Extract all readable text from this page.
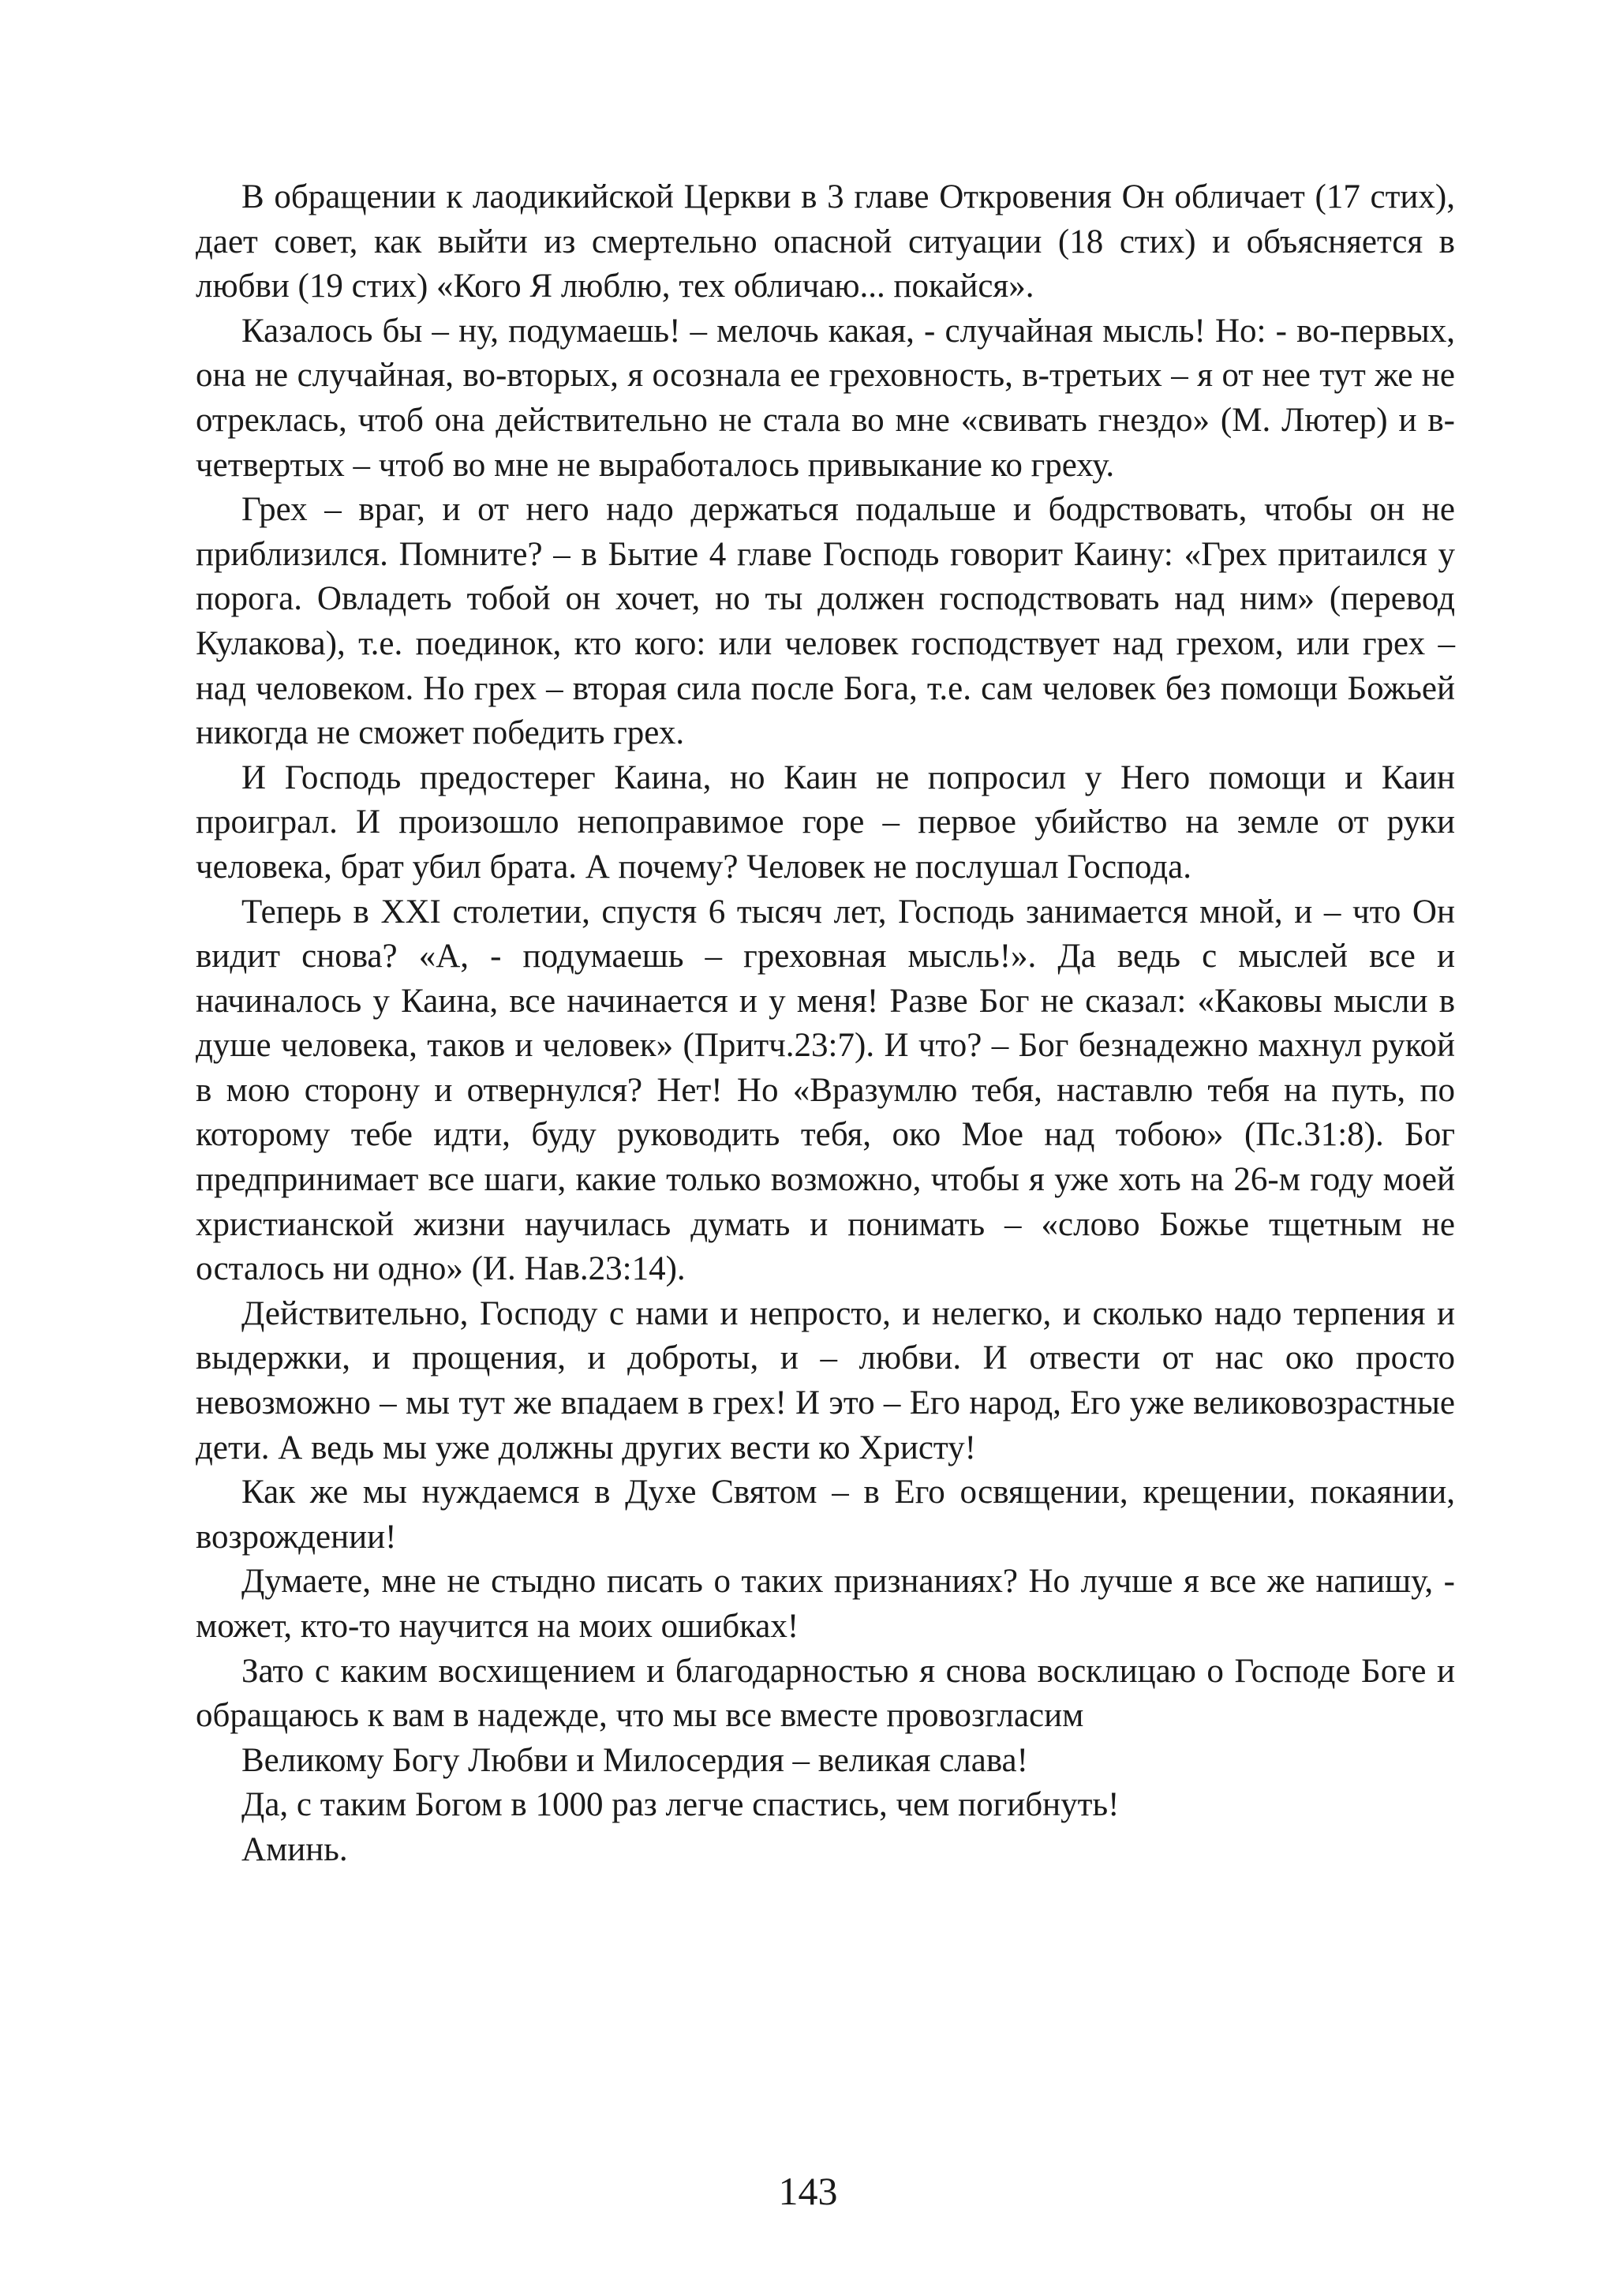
В обращении к лаодикийской Церкви в 3 главе Откровения Он обличает (17 стих), дает совет, как выйти из смертельно опасной ситуации (18 стих) и объясняется в любви (19 стих) «Кого Я люблю, тех обличаю... покайся».

Казалось бы – ну, подумаешь! – мелочь какая, - случайная мысль! Но: - во-первых, она не случайная, во-вторых, я осознала ее греховность, в-третьих – я от нее тут же не отреклась, чтоб она действительно не стала во мне «свивать гнездо» (М. Лютер) и в-четвертых – чтоб во мне не выработалось привыкание ко греху.

Грех – враг, и от него надо держаться подальше и бодрствовать, чтобы он не приблизился. Помните? – в Бытие 4 главе Господь говорит Каину: «Грех притаился у порога. Овладеть тобой он хочет, но ты должен господствовать над ним» (перевод Кулакова), т.е. поединок, кто кого: или человек господствует над грехом, или грех – над человеком. Но грех – вторая сила после Бога, т.е. сам человек без помощи Божьей никогда не сможет победить грех.

И Господь предостерег Каина, но Каин не попросил у Него помощи и Каин проиграл. И произошло непоправимое горе – первое убийство на земле от руки человека, брат убил брата. А почему? Человек не послушал Господа.

Теперь в XXI столетии, спустя 6 тысяч лет, Господь занимается мной, и – что Он видит снова? «А, - подумаешь – греховная мысль!». Да ведь с мыслей все и начиналось у Каина, все начинается и у меня! Разве Бог не сказал: «Каковы мысли в душе человека, таков и человек» (Притч.23:7). И что? – Бог безнадежно махнул рукой в мою сторону и отвернулся? Нет! Но «Вразумлю тебя, наставлю тебя на путь, по которому тебе идти, буду руководить тебя, око Мое над тобою» (Пс.31:8). Бог предпринимает все шаги, какие только возможно, чтобы я уже хоть на 26-м году моей христианской жизни научилась думать и понимать – «слово Божье тщетным не осталось ни одно» (И. Нав.23:14).

Действительно, Господу с нами и непросто, и нелегко, и сколько надо терпения и выдержки, и прощения, и доброты, и – любви. И отвести от нас око просто невозможно – мы тут же впадаем в грех! И это – Его народ, Его уже великовозрастные дети. А ведь мы уже должны других вести ко Христу!

Как же мы нуждаемся в Духе Святом – в Его освящении, крещении, покаянии, возрождении!

Думаете, мне не стыдно писать о таких признаниях? Но лучше я все же напишу, - может, кто-то научится на моих ошибках!

Зато с каким восхищением и благодарностью я снова восклицаю о Господе Боге и обращаюсь к вам в надежде, что мы все вместе провозгласим

Великому Богу Любви и Милосердия – великая слава!

Да, с таким Богом в 1000 раз легче спастись, чем погибнуть!

Аминь.

143
